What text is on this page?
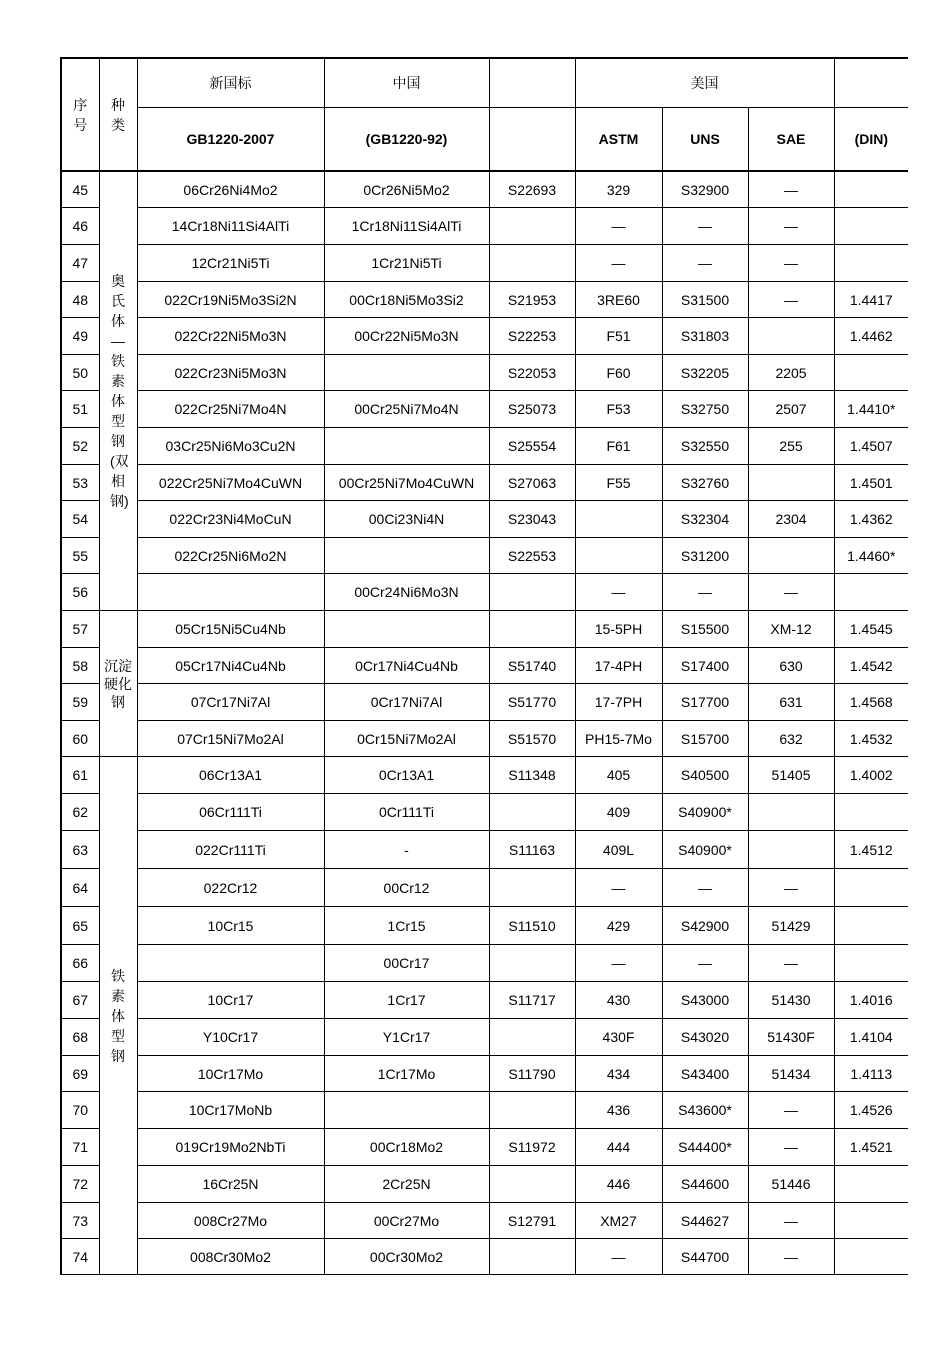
序号	种类	新国标	中国		美国			
		GB1220-2007	(GB1220-92)		ASTM	UNS	SAE	(DIN)
45	奥氏体—铁素体型钢(双相钢)	06Cr26Ni4Mo2	0Cr26Ni5Mo2	S22693	329	S32900	—	
46		14Cr18Ni11Si4AlTi	1Cr18Ni11Si4AlTi		—	—	—	
47		12Cr21Ni5Ti	1Cr21Ni5Ti		—	—	—	
48		022Cr19Ni5Mo3Si2N	00Cr18Ni5Mo3Si2	S21953	3RE60	S31500	—	1.4417
49		022Cr22Ni5Mo3N	00Cr22Ni5Mo3N	S22253	F51	S31803		1.4462
50		022Cr23Ni5Mo3N		S22053	F60	S32205	2205	
51		022Cr25Ni7Mo4N	00Cr25Ni7Mo4N	S25073	F53	S32750	2507	1.4410*
52		03Cr25Ni6Mo3Cu2N		S25554	F61	S32550	255	1.4507
53		022Cr25Ni7Mo4CuWN	00Cr25Ni7Mo4CuWN	S27063	F55	S32760		1.4501
54		022Cr23Ni4MoCuN	00Ci23Ni4N	S23043		S32304	2304	1.4362
55		022Cr25Ni6Mo2N		S22553		S31200		1.4460*
56			00Cr24Ni6Mo3N		—	—	—	
57	沉淀硬化钢	05Cr15Ni5Cu4Nb			15-5PH	S15500	XM-12	1.4545
58		05Cr17Ni4Cu4Nb	0Cr17Ni4Cu4Nb	S51740	17-4PH	S17400	630	1.4542
59		07Cr17Ni7Al	0Cr17Ni7Al	S51770	17-7PH	S17700	631	1.4568
60		07Cr15Ni7Mo2Al	0Cr15Ni7Mo2Al	S51570	PH15-7Mo	S15700	632	1.4532
61	铁素体型钢	06Cr13A1	0Cr13A1	S11348	405	S40500	51405	1.4002
62		06Cr111Ti	0Cr111Ti		409	S40900*		
63		022Cr111Ti	-	S11163	409L	S40900*		1.4512
64		022Cr12	00Cr12		—	—	—	
65		10Cr15	1Cr15	S11510	429	S42900	51429	
66			00Cr17		—	—	—	
67		10Cr17	1Cr17	S11717	430	S43000	51430	1.4016
68		Y10Cr17	Y1Cr17		430F	S43020	51430F	1.4104
69		10Cr17Mo	1Cr17Mo	S11790	434	S43400	51434	1.4113
70		10Cr17MoNb			436	S43600*	—	1.4526
71		019Cr19Mo2NbTi	00Cr18Mo2	S11972	444	S44400*	—	1.4521
72		16Cr25N	2Cr25N		446	S44600	51446	
73		008Cr27Mo	00Cr27Mo	S12791	XM27	S44627	—	
74		008Cr30Mo2	00Cr30Mo2		—	S44700	—	
